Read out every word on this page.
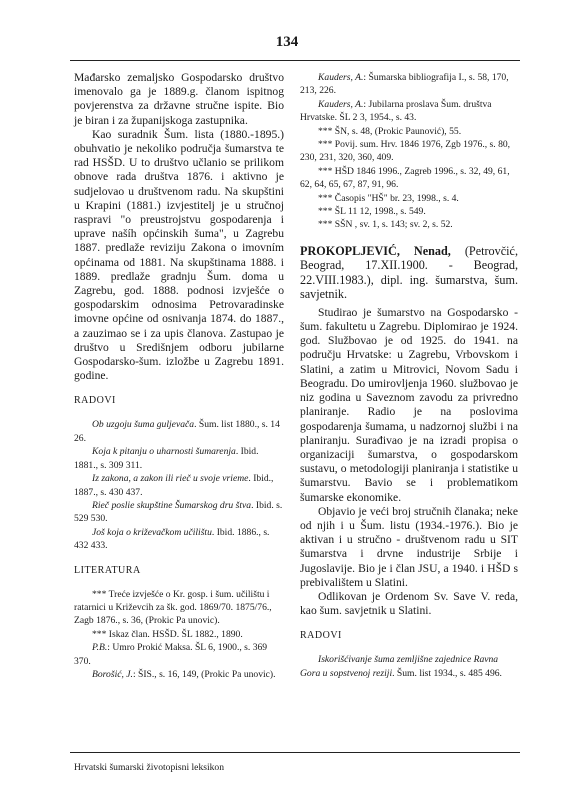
134

Mađarsko zemaljsko Gospodarsko društvo imenovalo ga je 1889.g. članom ispitnog povjerenstva za državne stručne ispite. Bio je biran i za županijskoga zastupnika.

Kao suradnik Šum. lista (1880.-1895.) obuhvatio je nekoliko područja šumarstva te rad HSŠD. U to društvo učlanio se prilikom obnove rada društva 1876. i aktivno je sudjelovao u društvenom radu. Na skupštini u Krapini (1881.) izvjestitelj je u stručnoj raspravi "o preustrojstvu gospodarenja i uprave našíh općinskih šuma", u Zagrebu 1887. predlaže reviziju Zakona o imovním općinama od 1881. Na skupštinama 1888. i 1889. predlaže gradnju Šum. doma u Zagrebu, god. 1888. podnosi izvješće o gospodarskim odnosima Petrovaradinske imovne općine od osnivanja 1874. do 1887., a zauzimao se i za upis članova. Zastupao je društvo u Središnjem odboru jubilarne Gospodarsko-šum. izložbe u Zagrebu 1891. godine.

RADOVI
Ob uzgoju šuma guljevača. Šum. list 1880., s. 14 26.
Koja k pitanju o uharnosti šumarenja. Ibid. 1881., s. 309 311.
Iz zakona, a zakon ili rieč u svoje vrieme. Ibid., 1887., s. 430 437.
Rieč poslie skupštine Šumarskog dru štva. Ibid. s. 529 530.
Još koja o križevačkom učilištu. Ibid. 1886., s. 432 433.
LITERATURA
*** Treće izvješće o Kr. gosp. i šum. učilištu i ratarnici u Križevcih za šk. god. 1869/70. 1875/76., Zagb 1876., s. 36, (Prokic Pa unovic).
*** Iskaz član. HSŠD. ŠL 1882., 1890.
P.B.: Umro Prokić Maksa. ŠL 6, 1900., s. 369 370.
Borošić, J.: ŠIS., s. 16, 149, (Prokic Pa unovic).
Kauders, A.: Šumarska bibliografija I., s. 58, 170, 213, 226.
Kauders, A.: Jubilarna proslava Šum. društva Hrvatske. ŠL 2 3, 1954., s. 43.
*** ŠN, s. 48, (Prokic Paunović), 55.
*** Povij. sum. Hrv. 1846 1976, Zgb 1976., s. 80, 230, 231, 320, 360, 409.
*** HŠD 1846 1996., Zagreb 1996., s. 32, 49, 61, 62, 64, 65, 67, 87, 91, 96.
*** Časopis "HŠ" br. 23, 1998., s. 4.
*** ŠL 11 12, 1998., s. 549.
*** SŠN , sv. 1, s. 143; sv. 2, s. 52.
PROKOPLJEVIĆ, Nenad, (Petrovčić, Beograd, 17.XII.1900. - Beograd, 22.VIII.1983.), dipl. ing. šumarstva, šum. savjetnik.

Studirao je šumarstvo na Gospodarsko - šum. fakultetu u Zagrebu. Diplomirao je 1924. god. Službovao je od 1925. do 1941. na području Hrvatske: u Zagrebu, Vrbovskom i Slatini, a zatim u Mitrovici, Novom Sadu i Beogradu. Do umirovljenja 1960. službovao je niz godina u Saveznom zavodu za privredno planiranje. Radio je na poslovima gospodarenja šumama, u nadzornoj službi i na planiranju. Surađivao je na izradi propisa o organizaciji šumarstva, o gospodarskom sustavu, o metodologiji planiranja i statistike u šumarstvu. Bavio se i problematikom šumarske ekonomike.

Objavio je veći broj stručnih članaka; neke od njih i u Šum. listu (1934.-1976.). Bio je aktivan i u stručno - društvenom radu u SIT šumarstva i drvne industrije Srbije i Jugoslavije. Bio je i član JSU, a 1940. i HŠD s prebivalištem u Slatini.

Odlikovan je Ordenom Sv. Save V. reda, kao šum. savjetnik u Slatini.

RADOVI
Iskorišćivanje šuma zemljišne zajednice Ravna Gora u sopstvenoj reziji. Šum. list 1934., s. 485 496.
Hrvatski šumarski životopisni leksikon
